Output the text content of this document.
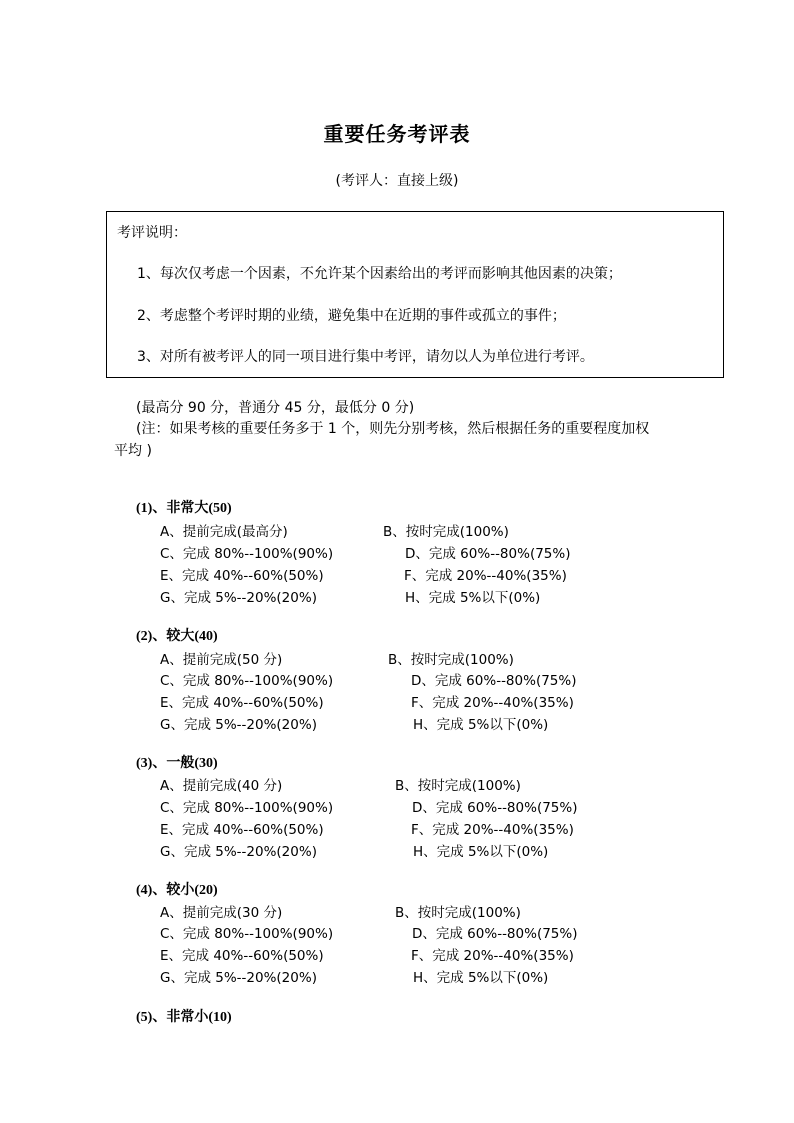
重要任务考评表
(考评人：直接上级)
考评说明：
1、每次仅考虑一个因素，不允许某个因素给出的考评而影响其他因素的决策；
2、考虑整个考评时期的业绩，避免集中在近期的事件或孤立的事件；
3、对所有被考评人的同一项目进行集中考评，请勿以人为单位进行考评。
(最高分 90 分，普通分 45 分，最低分 0 分)
(注：如果考核的重要任务多于 1 个，则先分别考核，然后根据任务的重要程度加权
平均 )
(1)、非常大(50)
A、提前完成(最高分)	B、按时完成(100%)
C、完成 80%--100%(90%)	D、完成 60%--80%(75%)
E、完成 40%--60%(50%)	F、完成 20%--40%(35%)
G、完成 5%--20%(20%)	H、完成 5%以下(0%)
(2)、较大(40)
A、提前完成(50 分)	B、按时完成(100%)
C、完成 80%--100%(90%)	D、完成 60%--80%(75%)
E、完成 40%--60%(50%)	F、完成 20%--40%(35%)
G、完成 5%--20%(20%)	H、完成 5%以下(0%)
(3)、一般(30)
A、提前完成(40 分)	B、按时完成(100%)
C、完成 80%--100%(90%)	D、完成 60%--80%(75%)
E、完成 40%--60%(50%)	F、完成 20%--40%(35%)
G、完成 5%--20%(20%)	H、完成 5%以下(0%)
(4)、较小(20)
A、提前完成(30 分)	B、按时完成(100%)
C、完成 80%--100%(90%)	D、完成 60%--80%(75%)
E、完成 40%--60%(50%)	F、完成 20%--40%(35%)
G、完成 5%--20%(20%)	H、完成 5%以下(0%)
(5)、非常小(10)
